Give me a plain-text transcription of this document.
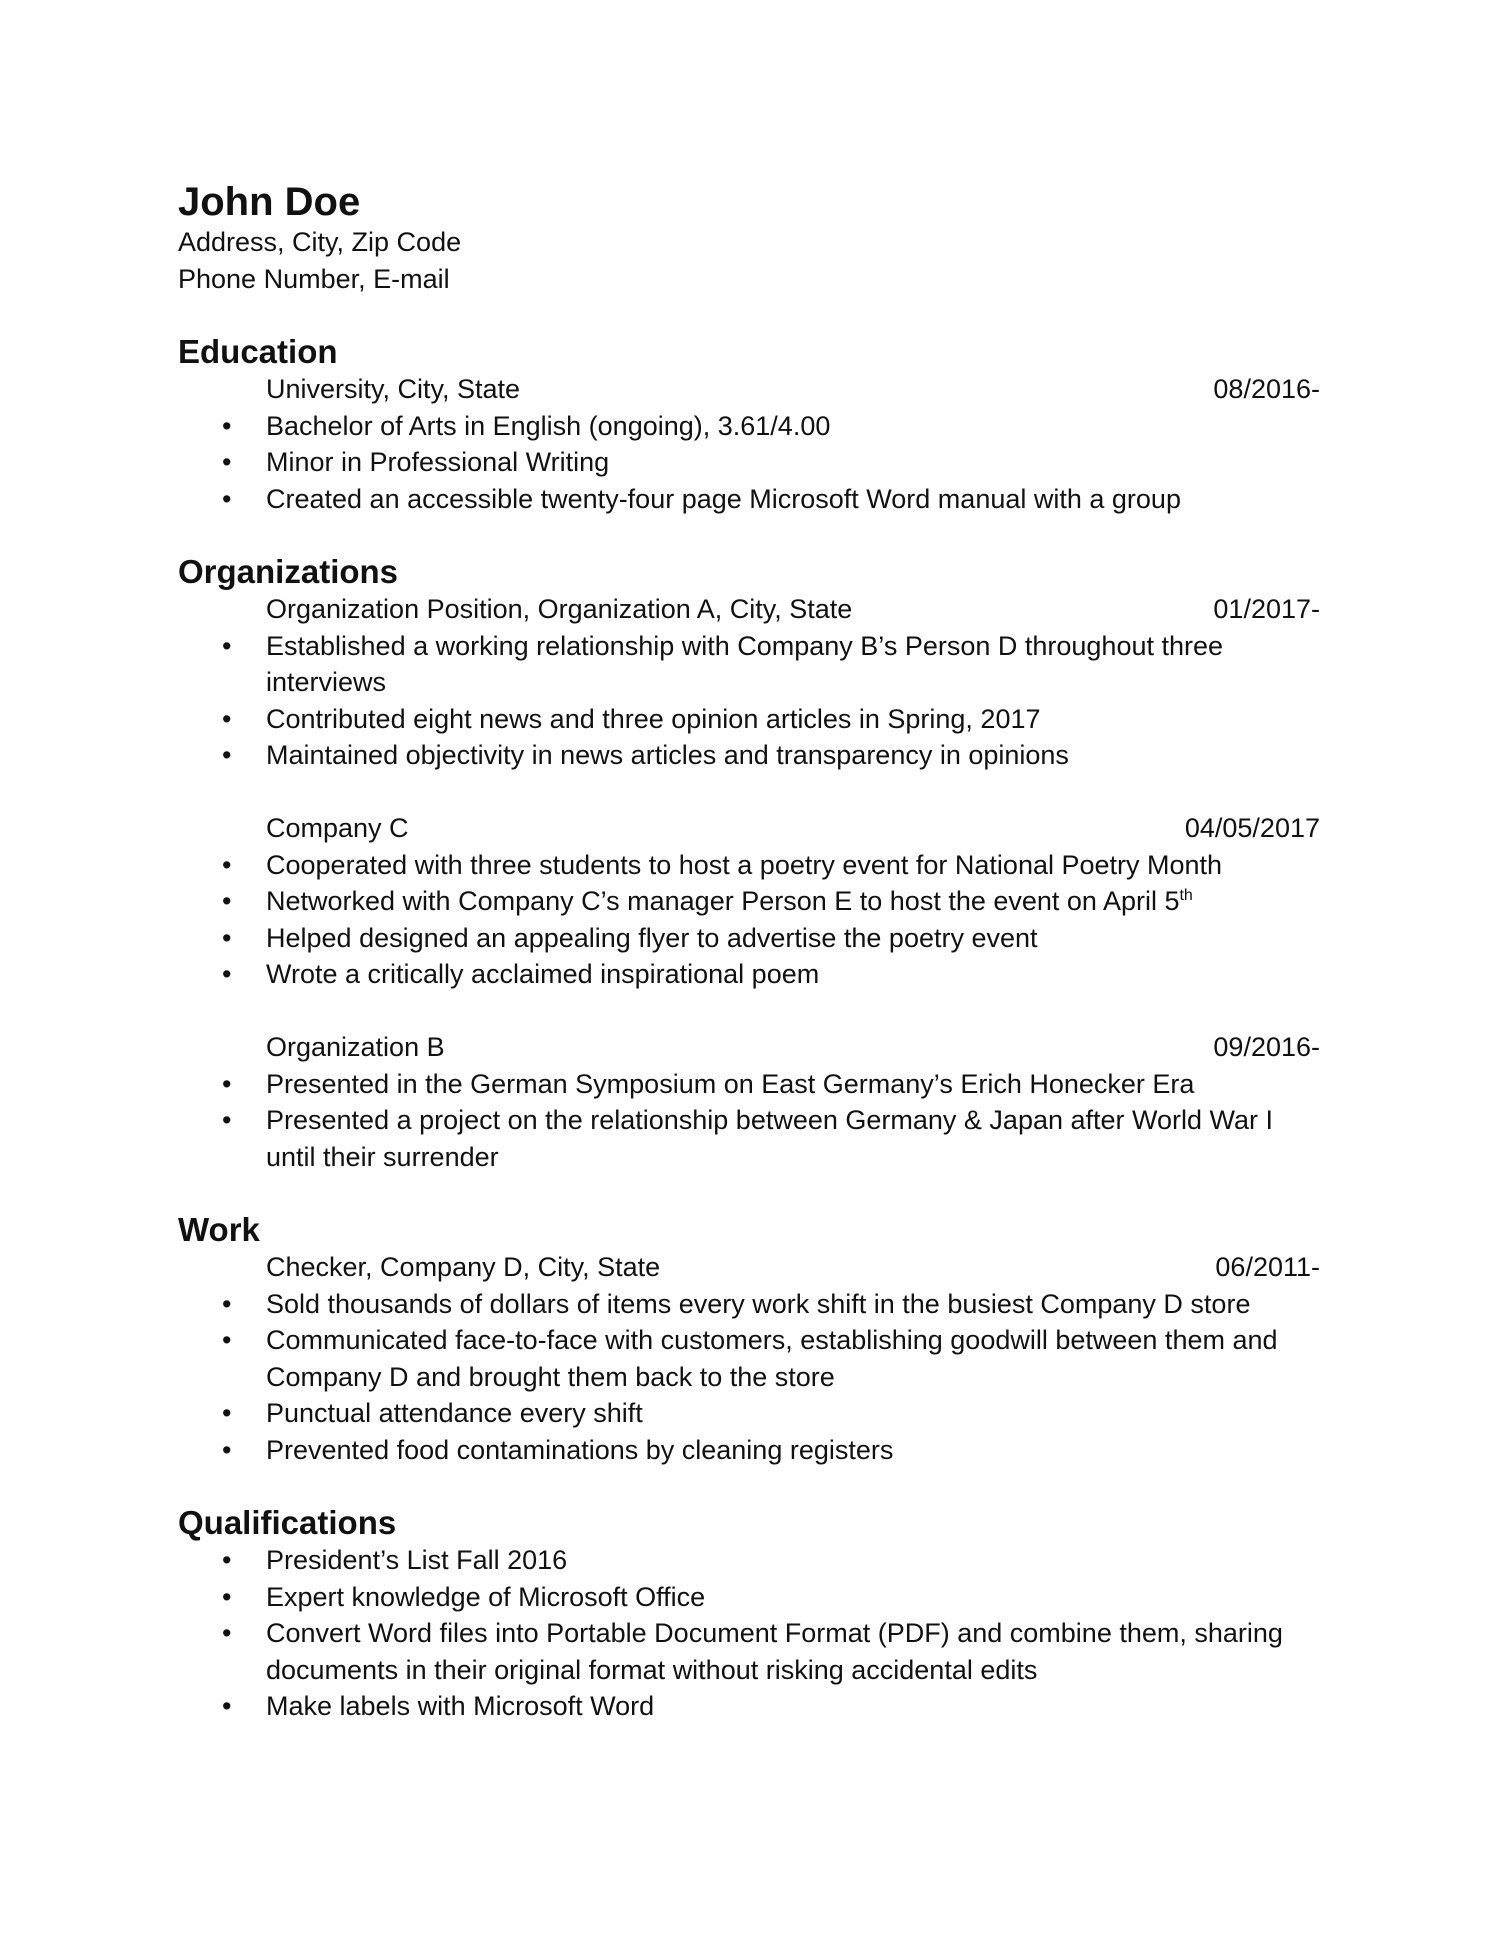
John Doe
Address, City, Zip Code
Phone Number, E-mail
Education
University, City, State	08/2016-
• Bachelor of Arts in English (ongoing), 3.61/4.00
• Minor in Professional Writing
• Created an accessible twenty-four page Microsoft Word manual with a group
Organizations
Organization Position, Organization A, City, State	01/2017-
• Established a working relationship with Company B’s Person D throughout three interviews
• Contributed eight news and three opinion articles in Spring, 2017
• Maintained objectivity in news articles and transparency in opinions
Company C	04/05/2017
• Cooperated with three students to host a poetry event for National Poetry Month
• Networked with Company C’s manager Person E to host the event on April 5th
• Helped designed an appealing flyer to advertise the poetry event
• Wrote a critically acclaimed inspirational poem
Organization B	09/2016-
• Presented in the German Symposium on East Germany’s Erich Honecker Era
• Presented a project on the relationship between Germany & Japan after World War I until their surrender
Work
Checker, Company D, City, State	06/2011-
• Sold thousands of dollars of items every work shift in the busiest Company D store
• Communicated face-to-face with customers, establishing goodwill between them and Company D and brought them back to the store
• Punctual attendance every shift
• Prevented food contaminations by cleaning registers
Qualifications
• President’s List Fall 2016
• Expert knowledge of Microsoft Office
• Convert Word files into Portable Document Format (PDF) and combine them, sharing documents in their original format without risking accidental edits
• Make labels with Microsoft Word
